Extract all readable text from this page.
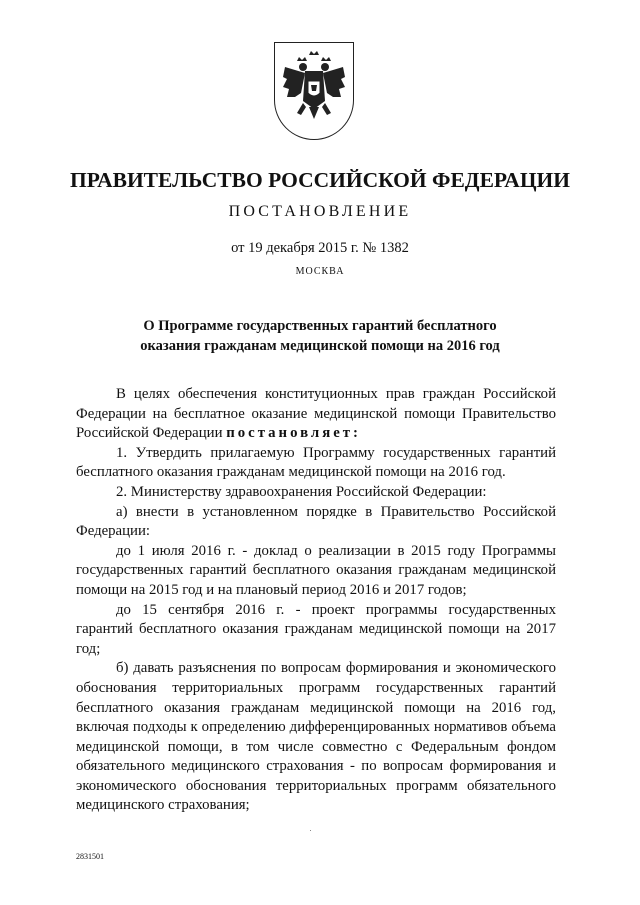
ПРАВИТЕЛЬСТВО РОССИЙСКОЙ ФЕДЕРАЦИИ
ПОСТАНОВЛЕНИЕ
от 19 декабря 2015 г. № 1382
МОСКВА
О Программе государственных гарантий бесплатного
оказания гражданам медицинской помощи на 2016 год

В целях обеспечения конституционных прав граждан Российской Федерации на бесплатное оказание медицинской помощи Правительство Российской Федерации постановляет:

1. Утвердить прилагаемую Программу государственных гарантий бесплатного оказания гражданам медицинской помощи на 2016 год.

2. Министерству здравоохранения Российской Федерации:

а) внести в установленном порядке в Правительство Российской Федерации:

до 1 июля 2016 г. - доклад о реализации в 2015 году Программы государственных гарантий бесплатного оказания гражданам медицинской помощи на 2015 год и на плановый период 2016 и 2017 годов;

до 15 сентября 2016 г. - проект программы государственных гарантий бесплатного оказания гражданам медицинской помощи на 2017 год;

б) давать разъяснения по вопросам формирования и экономического обоснования территориальных программ государственных гарантий бесплатного оказания гражданам медицинской помощи на 2016 год, включая подходы к определению дифференцированных нормативов объема медицинской помощи, в том числе совместно с Федеральным фондом обязательного медицинского страхования - по вопросам формирования и экономического обоснования территориальных программ обязательного медицинского страхования;

2831501
